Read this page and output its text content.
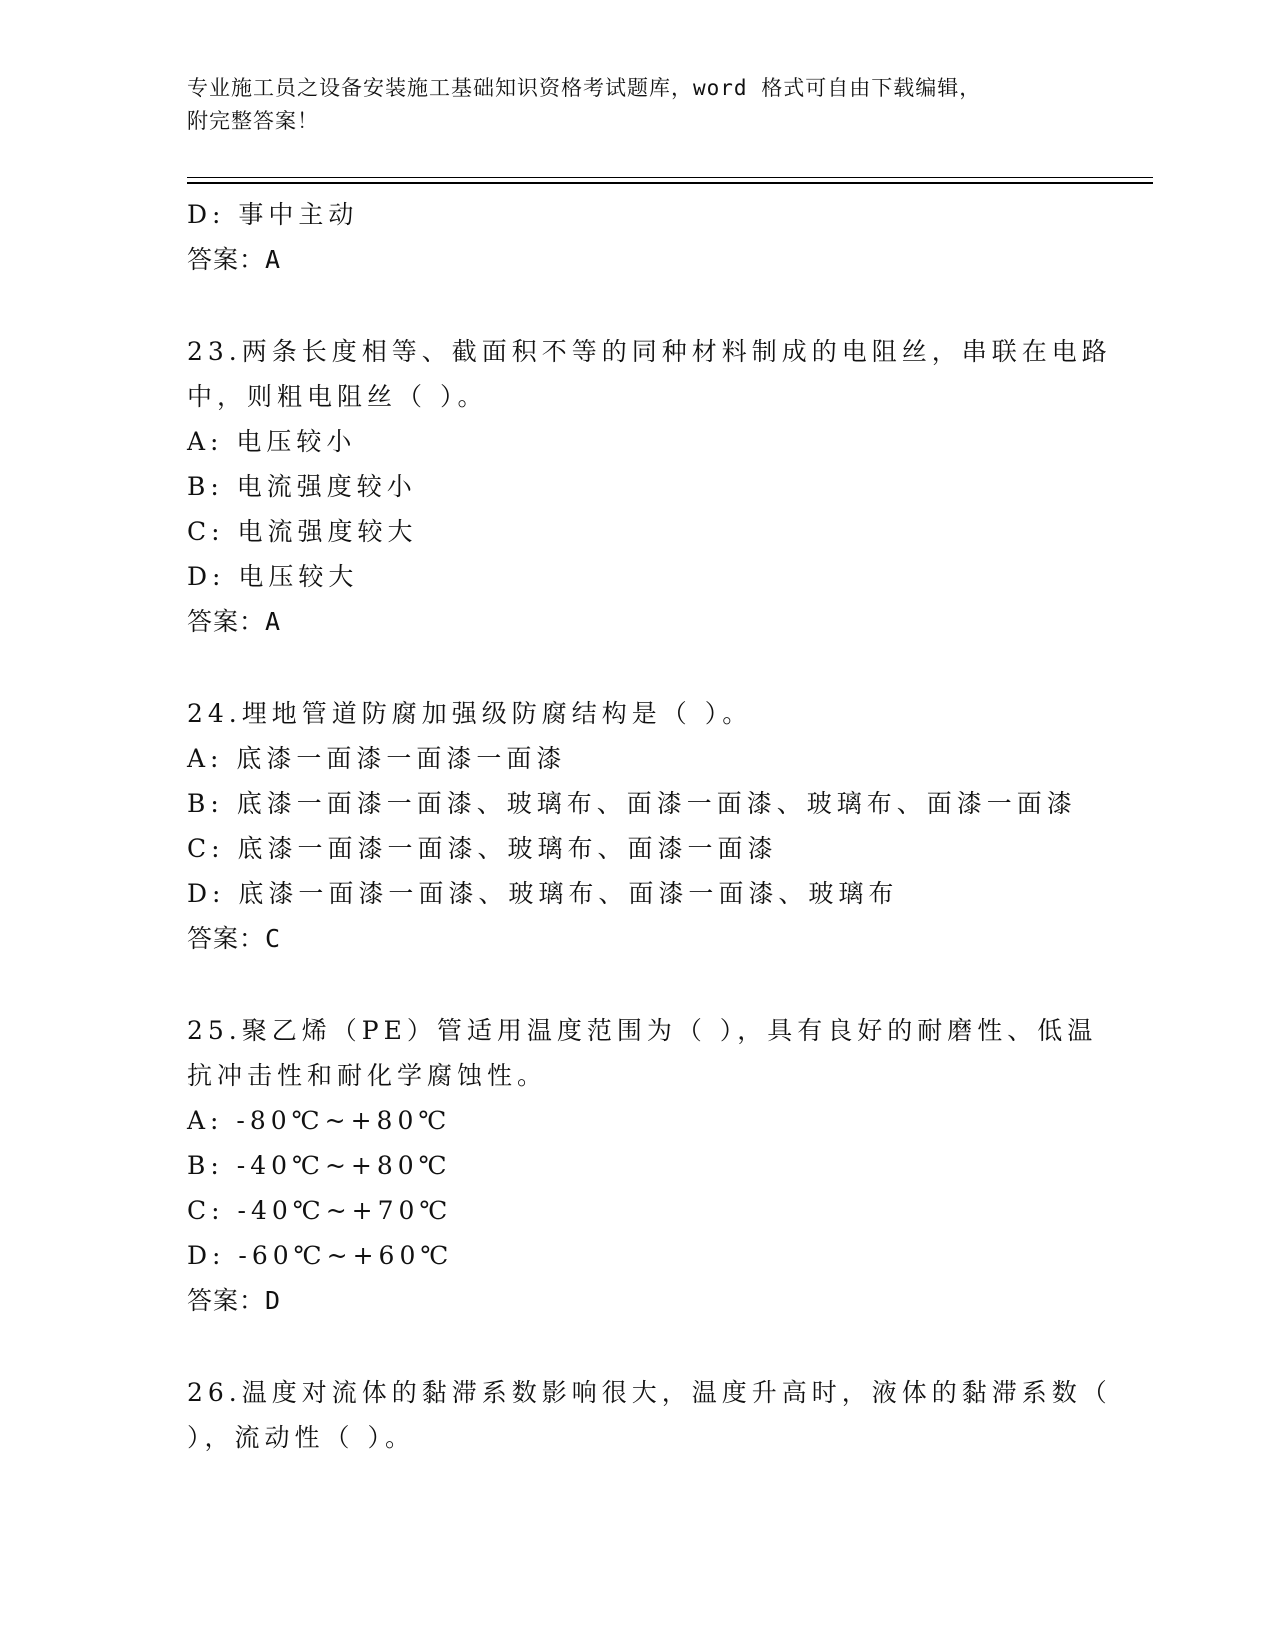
专业施工员之设备安装施工基础知识资格考试题库，word 格式可自由下载编辑，
附完整答案！
D: 事中主动
答案：A
23.两条长度相等、截面积不等的同种材料制成的电阻丝，串联在电路
中，则粗电阻丝（ ）。
A: 电压较小
B: 电流强度较小
C: 电流强度较大
D: 电压较大
答案：A
24.埋地管道防腐加强级防腐结构是（ ）。
A: 底漆一面漆一面漆一面漆
B: 底漆一面漆一面漆、玻璃布、面漆一面漆、玻璃布、面漆一面漆
C: 底漆一面漆一面漆、玻璃布、面漆一面漆
D: 底漆一面漆一面漆、玻璃布、面漆一面漆、玻璃布
答案：C
25.聚乙烯（PE）管适用温度范围为（ ），具有良好的耐磨性、低温
抗冲击性和耐化学腐蚀性。
A: -80℃~+80℃
B: -40℃~+80℃
C: -40℃~+70℃
D: -60℃~+60℃
答案：D
26.温度对流体的黏滞系数影响很大，温度升高时，液体的黏滞系数（
），流动性（ ）。
